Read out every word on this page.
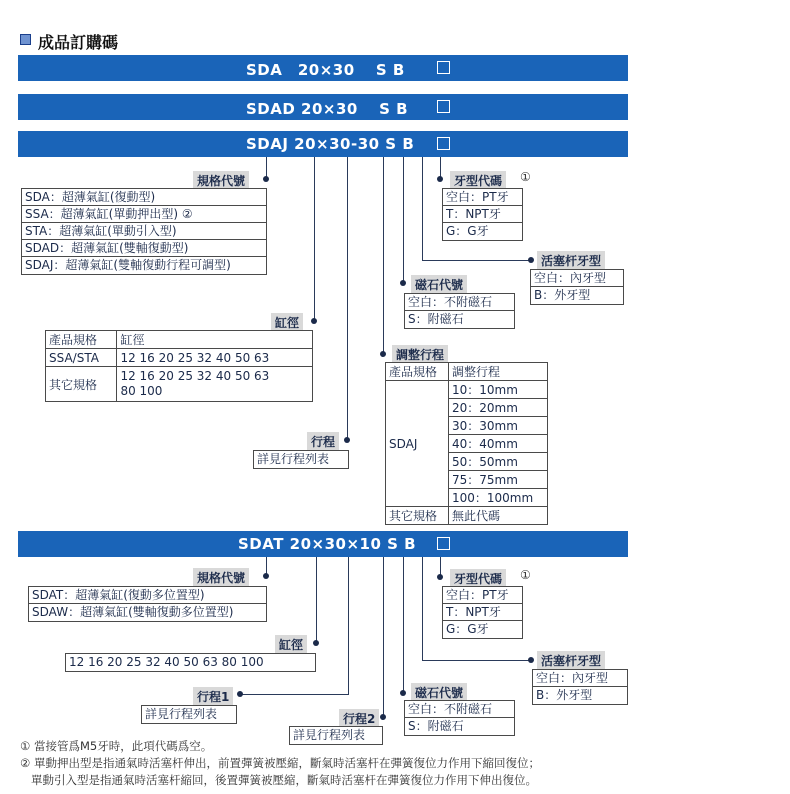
成品訂購碼
SDA　20×30　 S B
SDAD 20×30　 S B
SDAJ 20×30-30 S B
規格代號
SDA：超薄氣缸(復動型)
SSA：超薄氣缸(單動押出型) ②
STA：超薄氣缸(單動引入型)
SDAD：超薄氣缸(雙軸復動型)
SDAJ：超薄氣缸(雙軸復動行程可調型)
牙型代碼	①
空白：PT牙
T：NPT牙
G：G牙
活塞杆牙型
空白：內牙型
B：外牙型
磁石代號
空白：不附磁石
S：附磁石
缸徑
產品規格	缸徑
SSA/STA	12 16 20 25 32 40 50 63
其它規格	12 16 20 25 32 40 50 63
80 100
調整行程
產品規格	調整行程
SDAJ	10：10mm
	20：20mm
	30：30mm
	40：40mm
	50：50mm
	75：75mm
	100：100mm
其它規格	無此代碼
行程
詳見行程列表
SDAT 20×30×10 S B
規格代號
SDAT：超薄氣缸(復動多位置型)
SDAW：超薄氣缸(雙軸復動多位置型)
牙型代碼	①
空白：PT牙
T：NPT牙
G：G牙
活塞杆牙型
空白：內牙型
B：外牙型
缸徑
12 16 20 25 32 40 50 63 80 100
磁石代號
空白：不附磁石
S：附磁石
行程1
詳見行程列表	行程2
詳見行程列表
① 當接管爲M5牙時，此項代碼爲空。
② 單動押出型是指通氣時活塞杆伸出，前置彈簧被壓縮，斷氣時活塞杆在彈簧復位力作用下縮回復位；
單動引入型是指通氣時活塞杆縮回，後置彈簧被壓縮，斷氣時活塞杆在彈簧復位力作用下伸出復位。
